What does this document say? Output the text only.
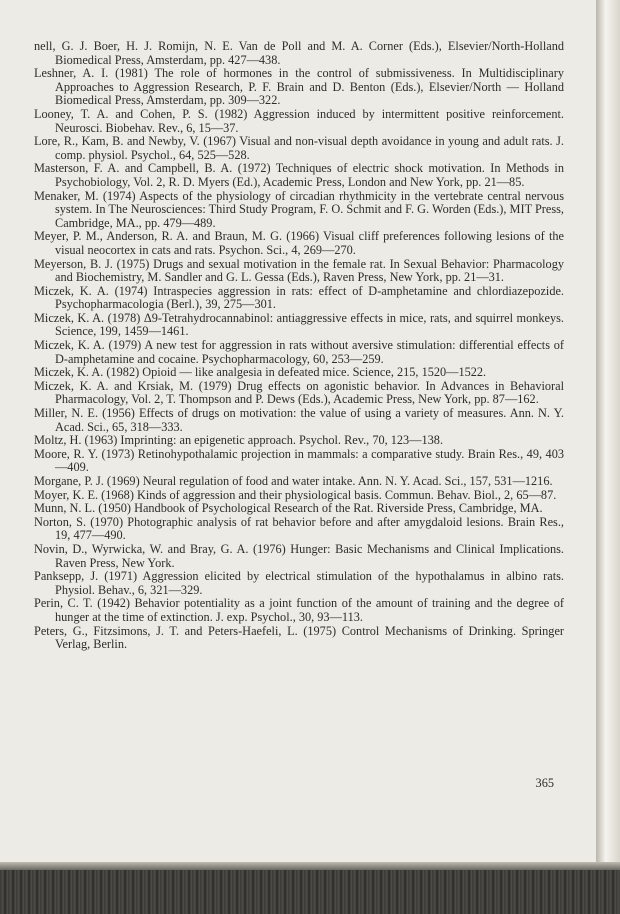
nell, G. J. Boer, H. J. Romijn, N. E. Van de Poll and M. A. Corner (Eds.), Elsevier/North-Holland Biomedical Press, Amsterdam, pp. 427—438.
Leshner, A. I. (1981) The role of hormones in the control of submissiveness. In Multidisciplinary Approaches to Aggression Research, P. F. Brain and D. Benton (Eds.), Elsevier/North — Holland Biomedical Press, Amsterdam, pp. 309—322.
Looney, T. A. and Cohen, P. S. (1982) Aggression induced by intermittent positive reinforcement. Neurosci. Biobehav. Rev., 6, 15—37.
Lore, R., Kam, B. and Newby, V. (1967) Visual and non-visual depth avoidance in young and adult rats. J. comp. physiol. Psychol., 64, 525—528.
Masterson, F. A. and Campbell, B. A. (1972) Techniques of electric shock motivation. In Methods in Psychobiology, Vol. 2, R. D. Myers (Ed.), Academic Press, London and New York, pp. 21—85.
Menaker, M. (1974) Aspects of the physiology of circadian rhythmicity in the vertebrate central nervous system. In The Neurosciences: Third Study Program, F. O. Schmit and F. G. Worden (Eds.), MIT Press, Cambridge, MA., pp. 479—489.
Meyer, P. M., Anderson, R. A. and Braun, M. G. (1966) Visual cliff preferences following lesions of the visual neocortex in cats and rats. Psychon. Sci., 4, 269—270.
Meyerson, B. J. (1975) Drugs and sexual motivation in the female rat. In Sexual Behavior: Pharmacology and Biochemistry, M. Sandler and G. L. Gessa (Eds.), Raven Press, New York, pp. 21—31.
Miczek, K. A. (1974) Intraspecies aggression in rats: effect of D-amphetamine and chlordiazepozide. Psychopharmacologia (Berl.), 39, 275—301.
Miczek, K. A. (1978) Δ9-Tetrahydrocannabinol: antiaggressive effects in mice, rats, and squirrel monkeys. Science, 199, 1459—1461.
Miczek, K. A. (1979) A new test for aggression in rats without aversive stimulation: differential effects of D-amphetamine and cocaine. Psychopharmacology, 60, 253—259.
Miczek, K. A. (1982) Opioid — like analgesia in defeated mice. Science, 215, 1520—1522.
Miczek, K. A. and Krsiak, M. (1979) Drug effects on agonistic behavior. In Advances in Behavioral Pharmacology, Vol. 2, T. Thompson and P. Dews (Eds.), Academic Press, New York, pp. 87—162.
Miller, N. E. (1956) Effects of drugs on motivation: the value of using a variety of measures. Ann. N. Y. Acad. Sci., 65, 318—333.
Moltz, H. (1963) Imprinting: an epigenetic approach. Psychol. Rev., 70, 123—138.
Moore, R. Y. (1973) Retinohypothalamic projection in mammals: a comparative study. Brain Res., 49, 403—409.
Morgane, P. J. (1969) Neural regulation of food and water intake. Ann. N. Y. Acad. Sci., 157, 531—1216.
Moyer, K. E. (1968) Kinds of aggression and their physiological basis. Commun. Behav. Biol., 2, 65—87.
Munn, N. L. (1950) Handbook of Psychological Research of the Rat. Riverside Press, Cambridge, MA.
Norton, S. (1970) Photographic analysis of rat behavior before and after amygdaloid lesions. Brain Res., 19, 477—490.
Novin, D., Wyrwicka, W. and Bray, G. A. (1976) Hunger: Basic Mechanisms and Clinical Implications. Raven Press, New York.
Panksepp, J. (1971) Aggression elicited by electrical stimulation of the hypothalamus in albino rats. Physiol. Behav., 6, 321—329.
Perin, C. T. (1942) Behavior potentiality as a joint function of the amount of training and the degree of hunger at the time of extinction. J. exp. Psychol., 30, 93—113.
Peters, G., Fitzsimons, J. T. and Peters-Haefeli, L. (1975) Control Mechanisms of Drinking. Springer Verlag, Berlin.
365
